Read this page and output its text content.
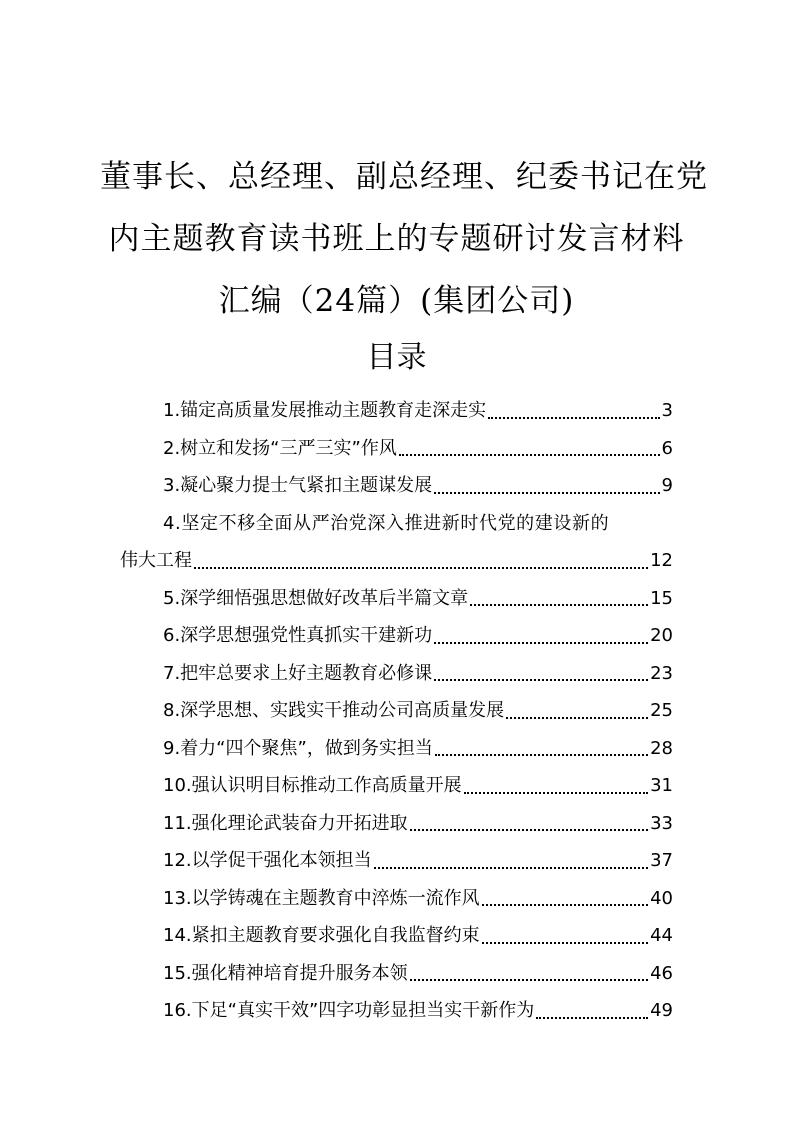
董事长、总经理、副总经理、纪委书记在党
内主题教育读书班上的专题研讨发言材料
汇编（24篇）(集团公司)
目录
1.锚定高质量发展推动主题教育走深走实	3
2.树立和发扬“三严三实”作风	6
3.凝心聚力提士气紧扣主题谋发展	9
4.坚定不移全面从严治党深入推进新时代党的建设新的
伟大工程	12
5.深学细悟强思想做好改革后半篇文章	15
6.深学思想强党性真抓实干建新功	20
7.把牢总要求上好主题教育必修课	23
8.深学思想、实践实干推动公司高质量发展	25
9.着力“四个聚焦”，做到务实担当	28
10.强认识明目标推动工作高质量开展	31
11.强化理论武装奋力开拓进取	33
12.以学促干强化本领担当	37
13.以学铸魂在主题教育中淬炼一流作风	40
14.紧扣主题教育要求强化自我监督约束	44
15.强化精神培育提升服务本领	46
16.下足“真实干效”四字功彰显担当实干新作为	49
